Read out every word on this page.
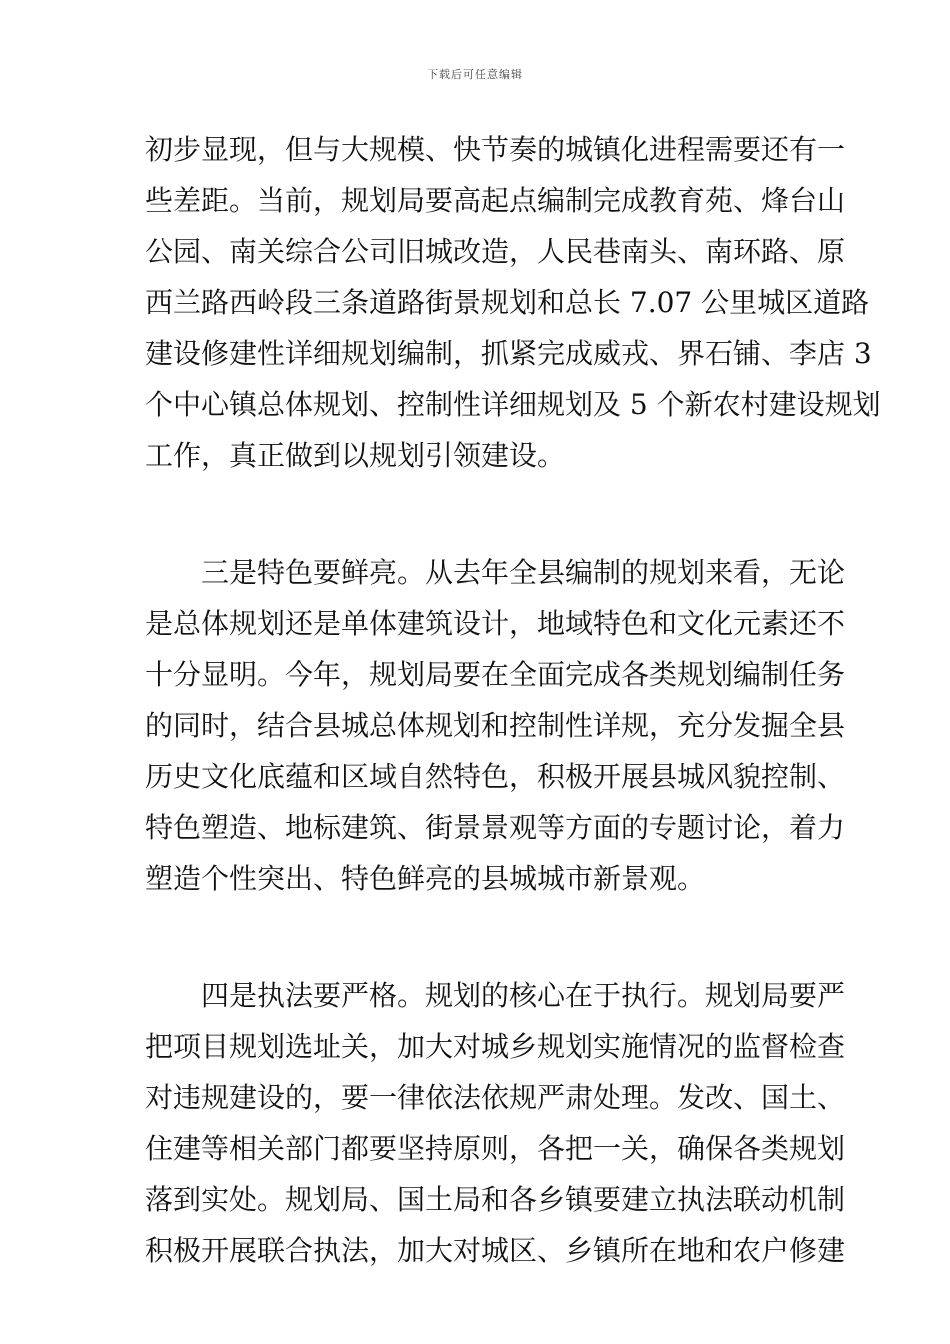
下载后可任意编辑
初步显现，但与大规模、快节奏的城镇化进程需要还有一
些差距。当前，规划局要高起点编制完成教育苑、烽台山
公园、南关综合公司旧城改造，人民巷南头、南环路、原
西兰路西岭段三条道路街景规划和总长 7.07 公里城区道路
建设修建性详细规划编制，抓紧完成威戎、界石铺、李店 3
个中心镇总体规划、控制性详细规划及 5 个新农村建设规划
工作，真正做到以规划引领建设。
三是特色要鲜亮。从去年全县编制的规划来看，无论
是总体规划还是单体建筑设计，地域特色和文化元素还不
十分显明。今年，规划局要在全面完成各类规划编制任务
的同时，结合县城总体规划和控制性详规，充分发掘全县
历史文化底蕴和区域自然特色，积极开展县城风貌控制、
特色塑造、地标建筑、街景景观等方面的专题讨论，着力
塑造个性突出、特色鲜亮的县城城市新景观。
四是执法要严格。规划的核心在于执行。规划局要严
把项目规划选址关，加大对城乡规划实施情况的监督检查
对违规建设的，要一律依法依规严肃处理。发改、国土、
住建等相关部门都要坚持原则，各把一关，确保各类规划
落到实处。规划局、国土局和各乡镇要建立执法联动机制
积极开展联合执法，加大对城区、乡镇所在地和农户修建
